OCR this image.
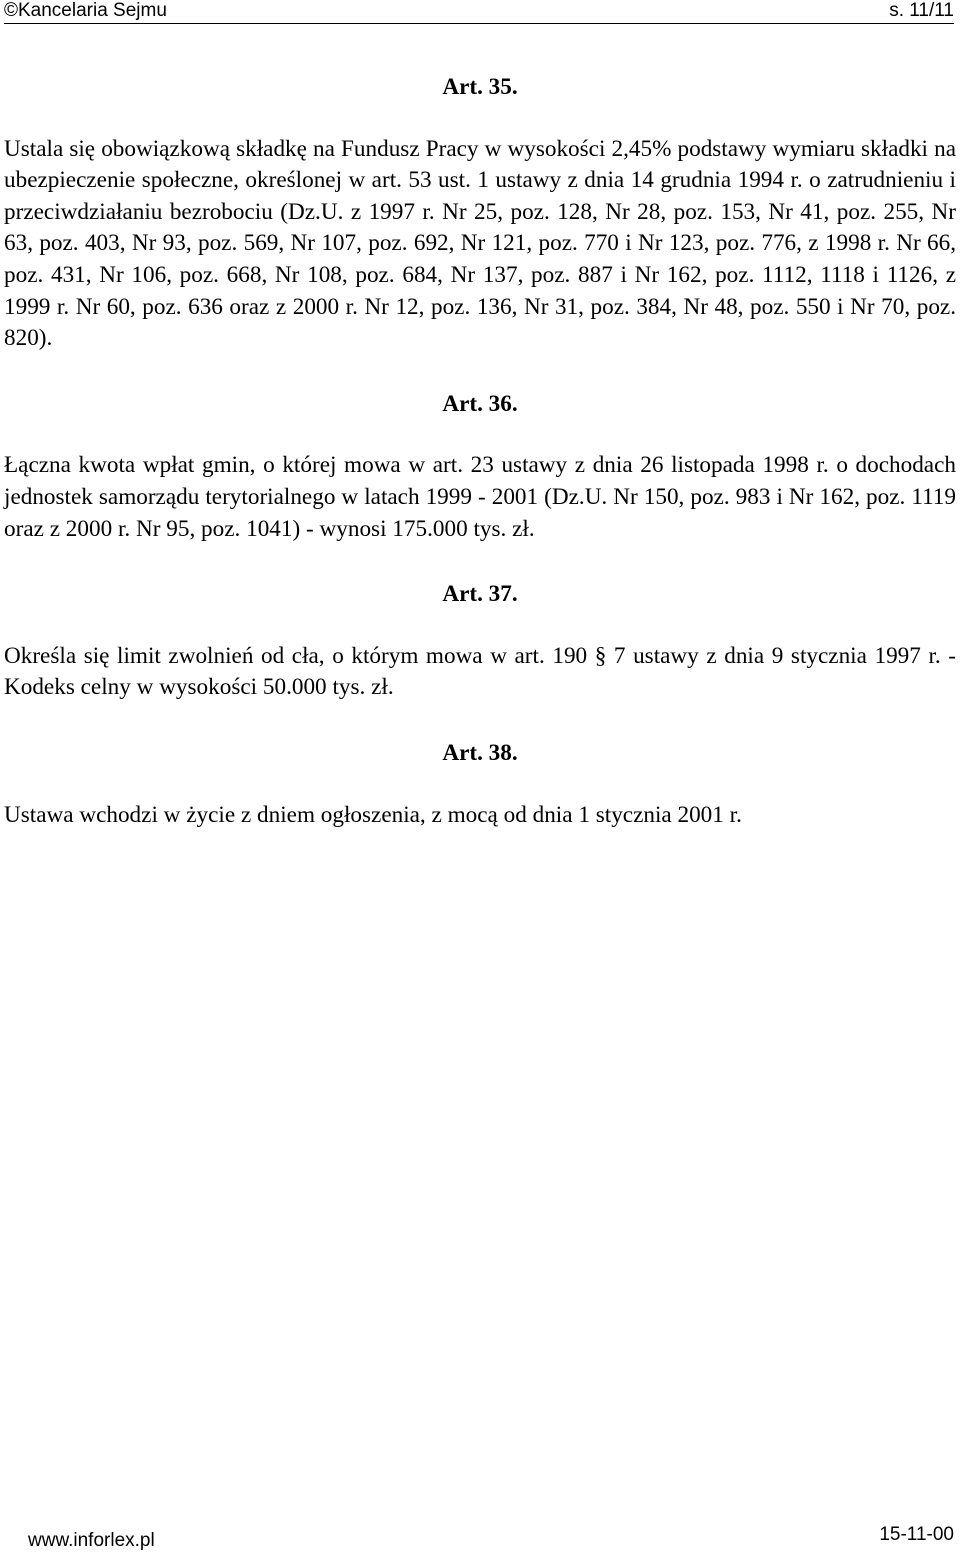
©Kancelaria Sejmu	s. 11/11

Art. 35.

Ustala się obowiązkową składkę na Fundusz Pracy w wysokości 2,45% podstawy wymiaru składki na ubezpieczenie społeczne, określonej w art. 53 ust. 1 ustawy z dnia 14 grudnia 1994 r. o zatrudnieniu i przeciwdziałaniu bezrobociu (Dz.U. z 1997 r. Nr 25, poz. 128, Nr 28, poz. 153, Nr 41, poz. 255, Nr 63, poz. 403, Nr 93, poz. 569, Nr 107, poz. 692, Nr 121, poz. 770 i Nr 123, poz. 776, z 1998 r. Nr 66, poz. 431, Nr 106, poz. 668, Nr 108, poz. 684, Nr 137, poz. 887 i Nr 162, poz. 1112, 1118 i 1126, z 1999 r. Nr 60, poz. 636 oraz z 2000 r. Nr 12, poz. 136, Nr 31, poz. 384, Nr 48, poz. 550 i Nr 70, poz. 820).

Art. 36.

Łączna kwota wpłat gmin, o której mowa w art. 23 ustawy z dnia 26 listopada 1998 r. o dochodach jednostek samorządu terytorialnego w latach 1999 - 2001 (Dz.U. Nr 150, poz. 983 i Nr 162, poz. 1119 oraz z 2000 r. Nr 95, poz. 1041) - wynosi 175.000 tys. zł.

Art. 37.

Określa się limit zwolnień od cła, o którym mowa w art. 190 § 7 ustawy z dnia 9 stycznia 1997 r. - Kodeks celny w wysokości 50.000 tys. zł.

Art. 38.

Ustawa wchodzi w życie z dniem ogłoszenia, z mocą od dnia 1 stycznia 2001 r.

www.inforlex.pl	15-11-00
